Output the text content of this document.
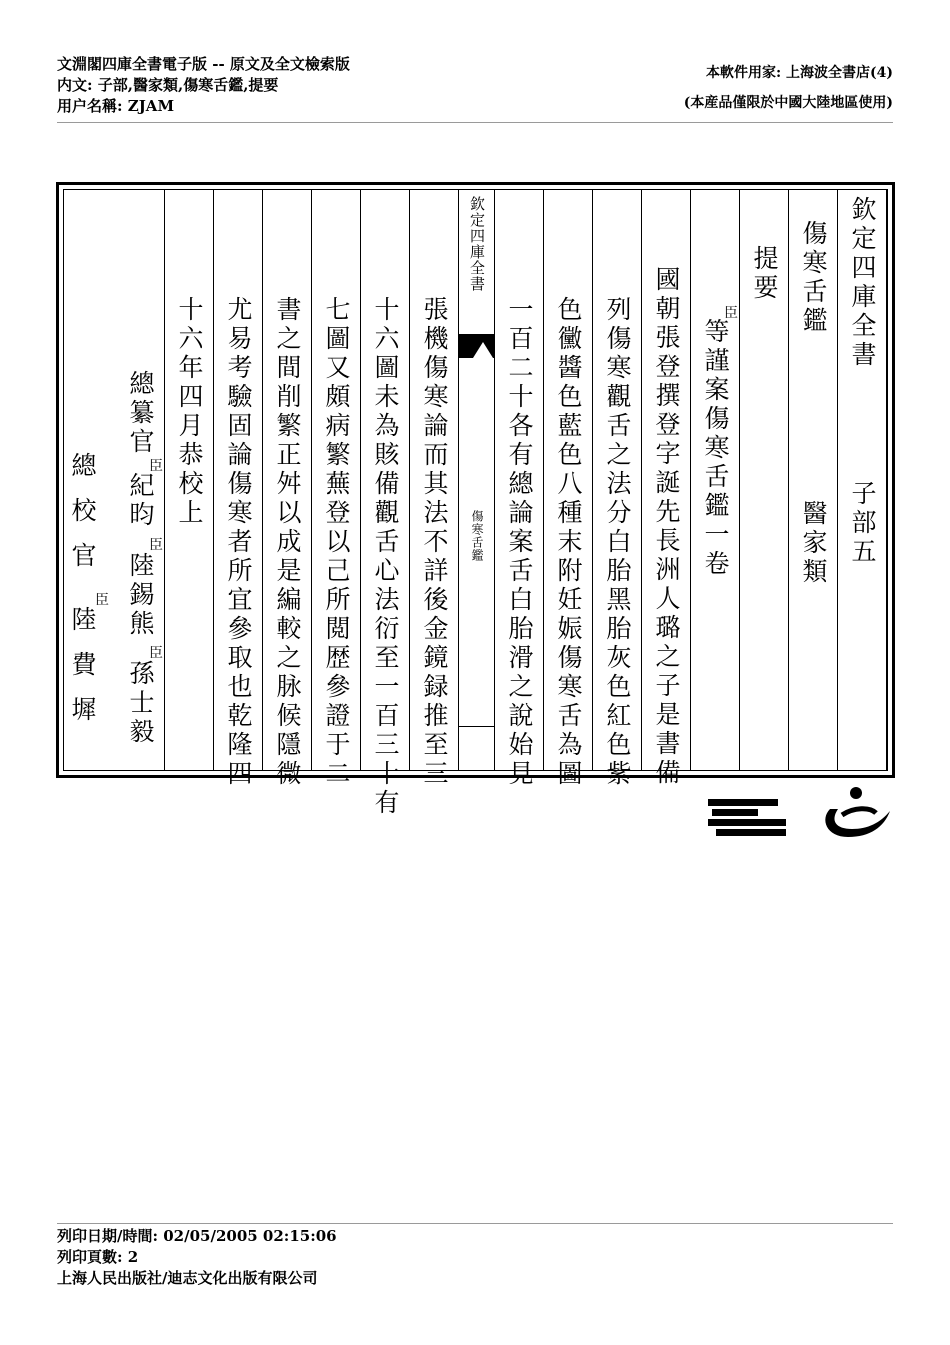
文淵閣四庫全書電子版 -- 原文及全文檢索版
内文: 子部,醫家類,傷寒舌鑑,提要
用户名稱: ZJAM
本軟件用家: 上海波全書店(4)
(本産品僅限於中國大陸地區使用)
欽定四庫全書
子部五
傷寒舌鑑
醫家類
提要
臣
等謹案傷寒舌鑑一卷
國朝張登撰登字誕先長洲人璐之子是書備
列傷寒觀舌之法分白胎黑胎灰色紅色紫
色黴醬色藍色八種末附妊娠傷寒舌為圖
一百二十各有總論案舌白胎滑之說始見
欽定四庫全書
傷寒舌鑑
張機傷寒論而其法不詳後金鏡録推至三
十六圖未為賅備觀舌心法衍至一百三十有
七圖又頗病繁蕪登以己所閲歴參證于二
書之間削繁正舛以成是編較之脉候隱微
尤易考驗固論傷寒者所宜參取也乾隆四
十六年四月恭校上
總纂官
臣
紀昀
臣
陸錫熊
臣
孫士毅
總校官
臣
陸費墀
列印日期/時間: 02/05/2005 02:15:06
列印頁數: 2
上海人民出版社/迪志文化出版有限公司
